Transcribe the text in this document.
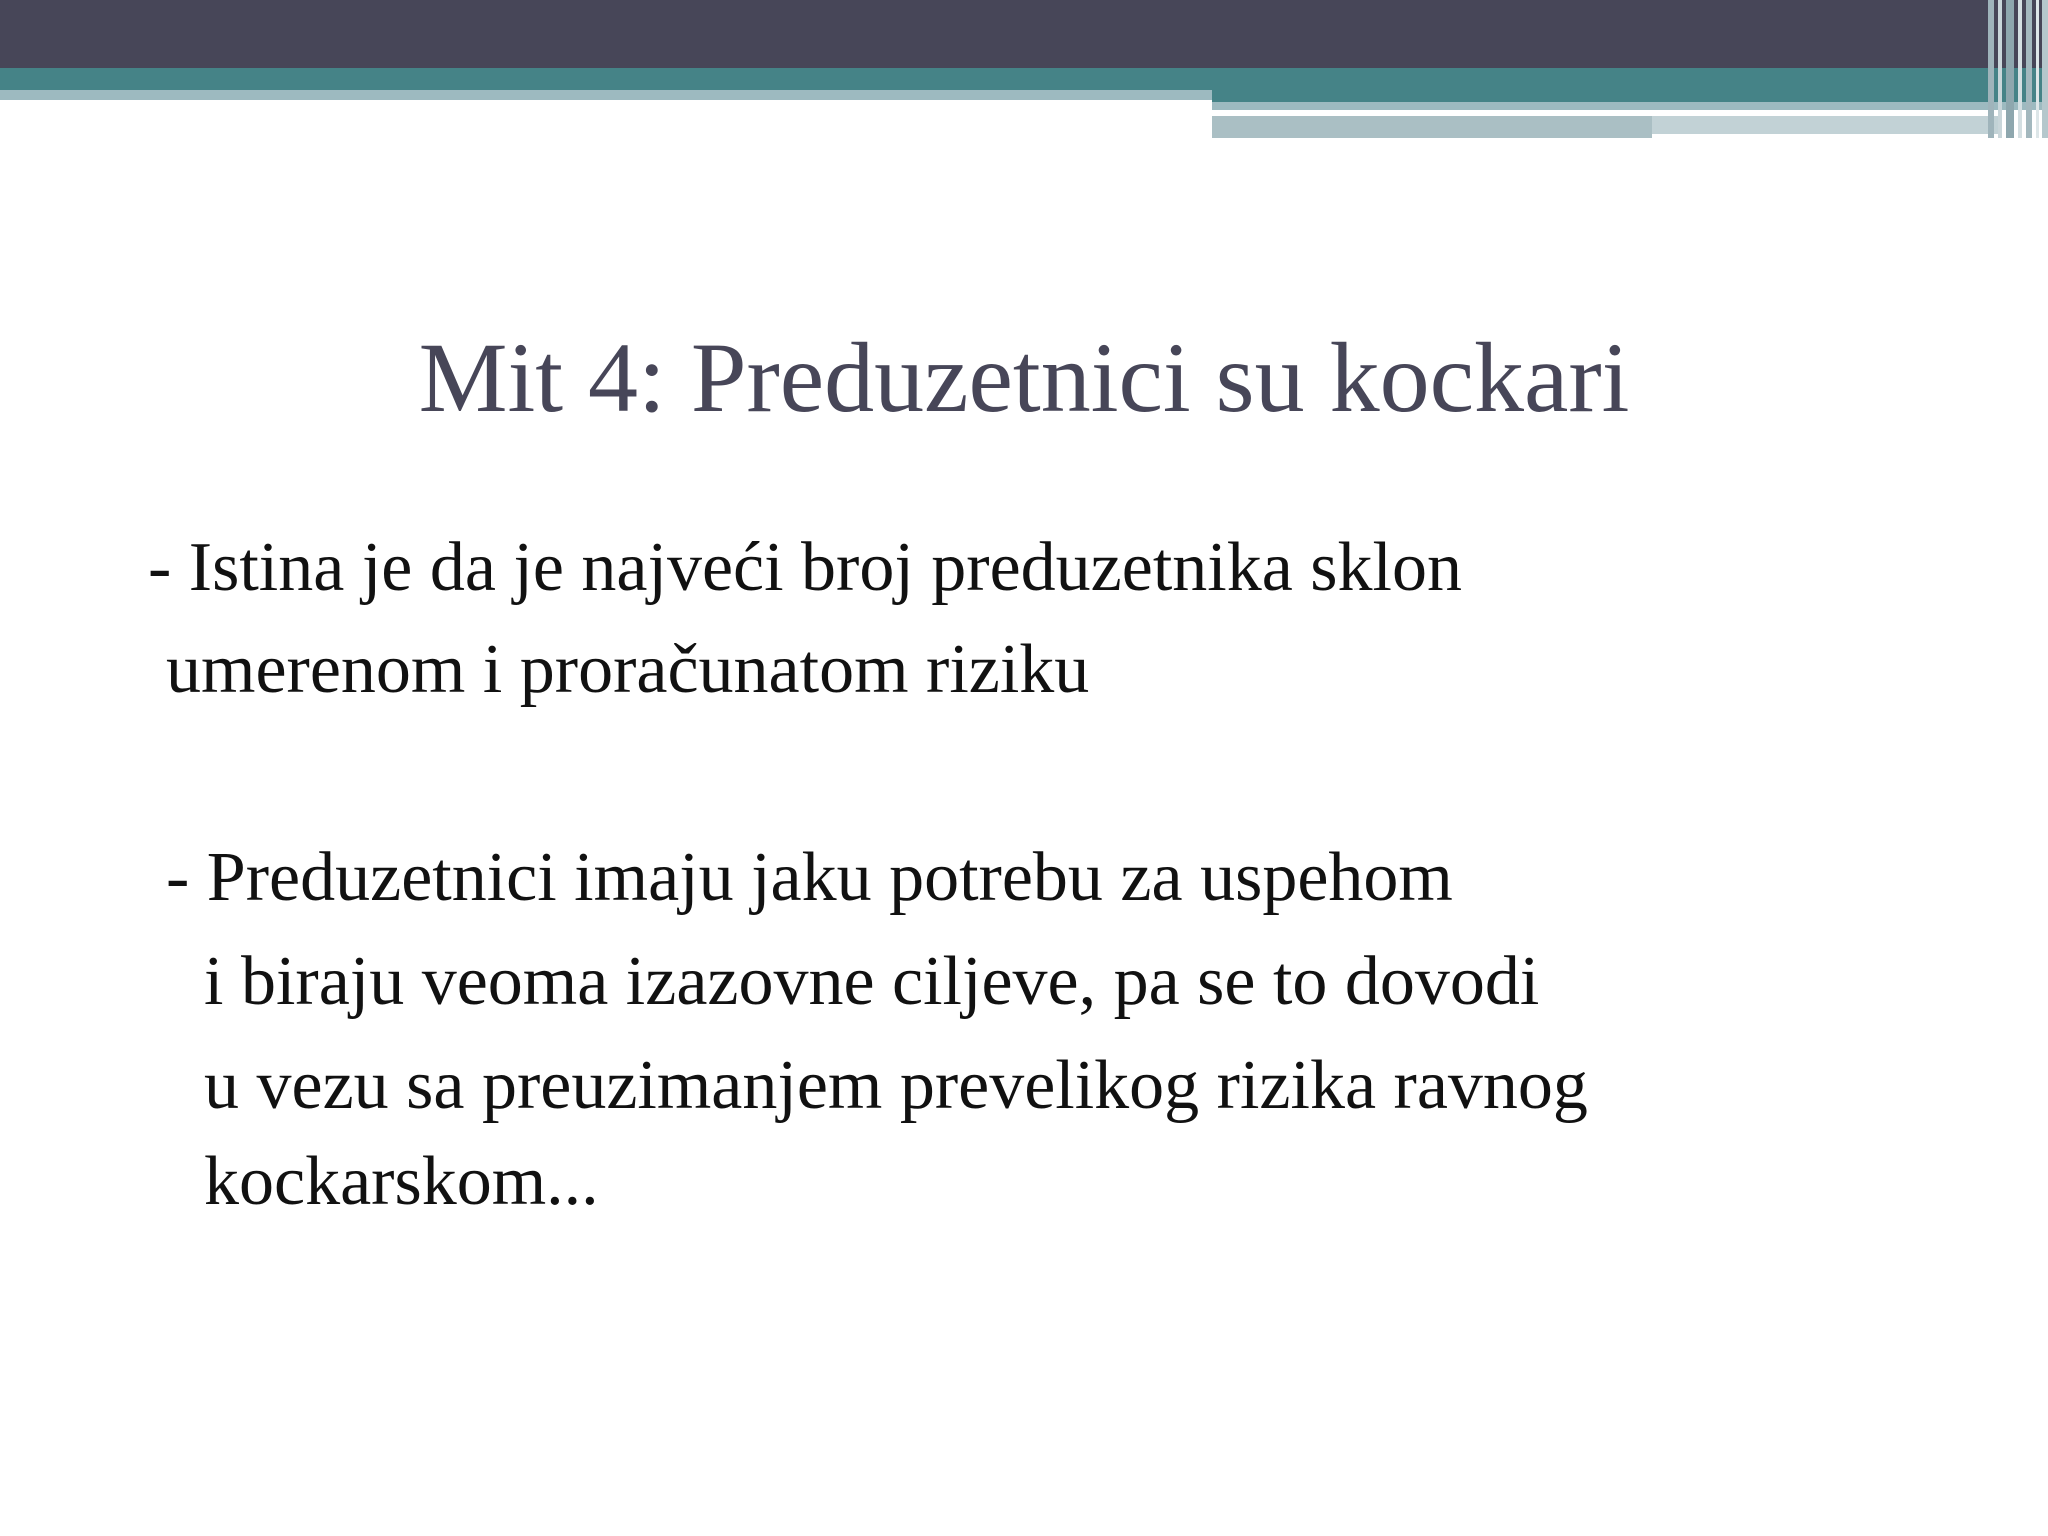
Mit 4: Preduzetnici su kockari

- Istina je da je najveći broj preduzetnika sklon

umerenom i proračunatom riziku

- Preduzetnici imaju jaku potrebu za uspehom

i biraju veoma izazovne ciljeve, pa se to dovodi

u vezu sa preuzimanjem prevelikog rizika ravnog

kockarskom...
